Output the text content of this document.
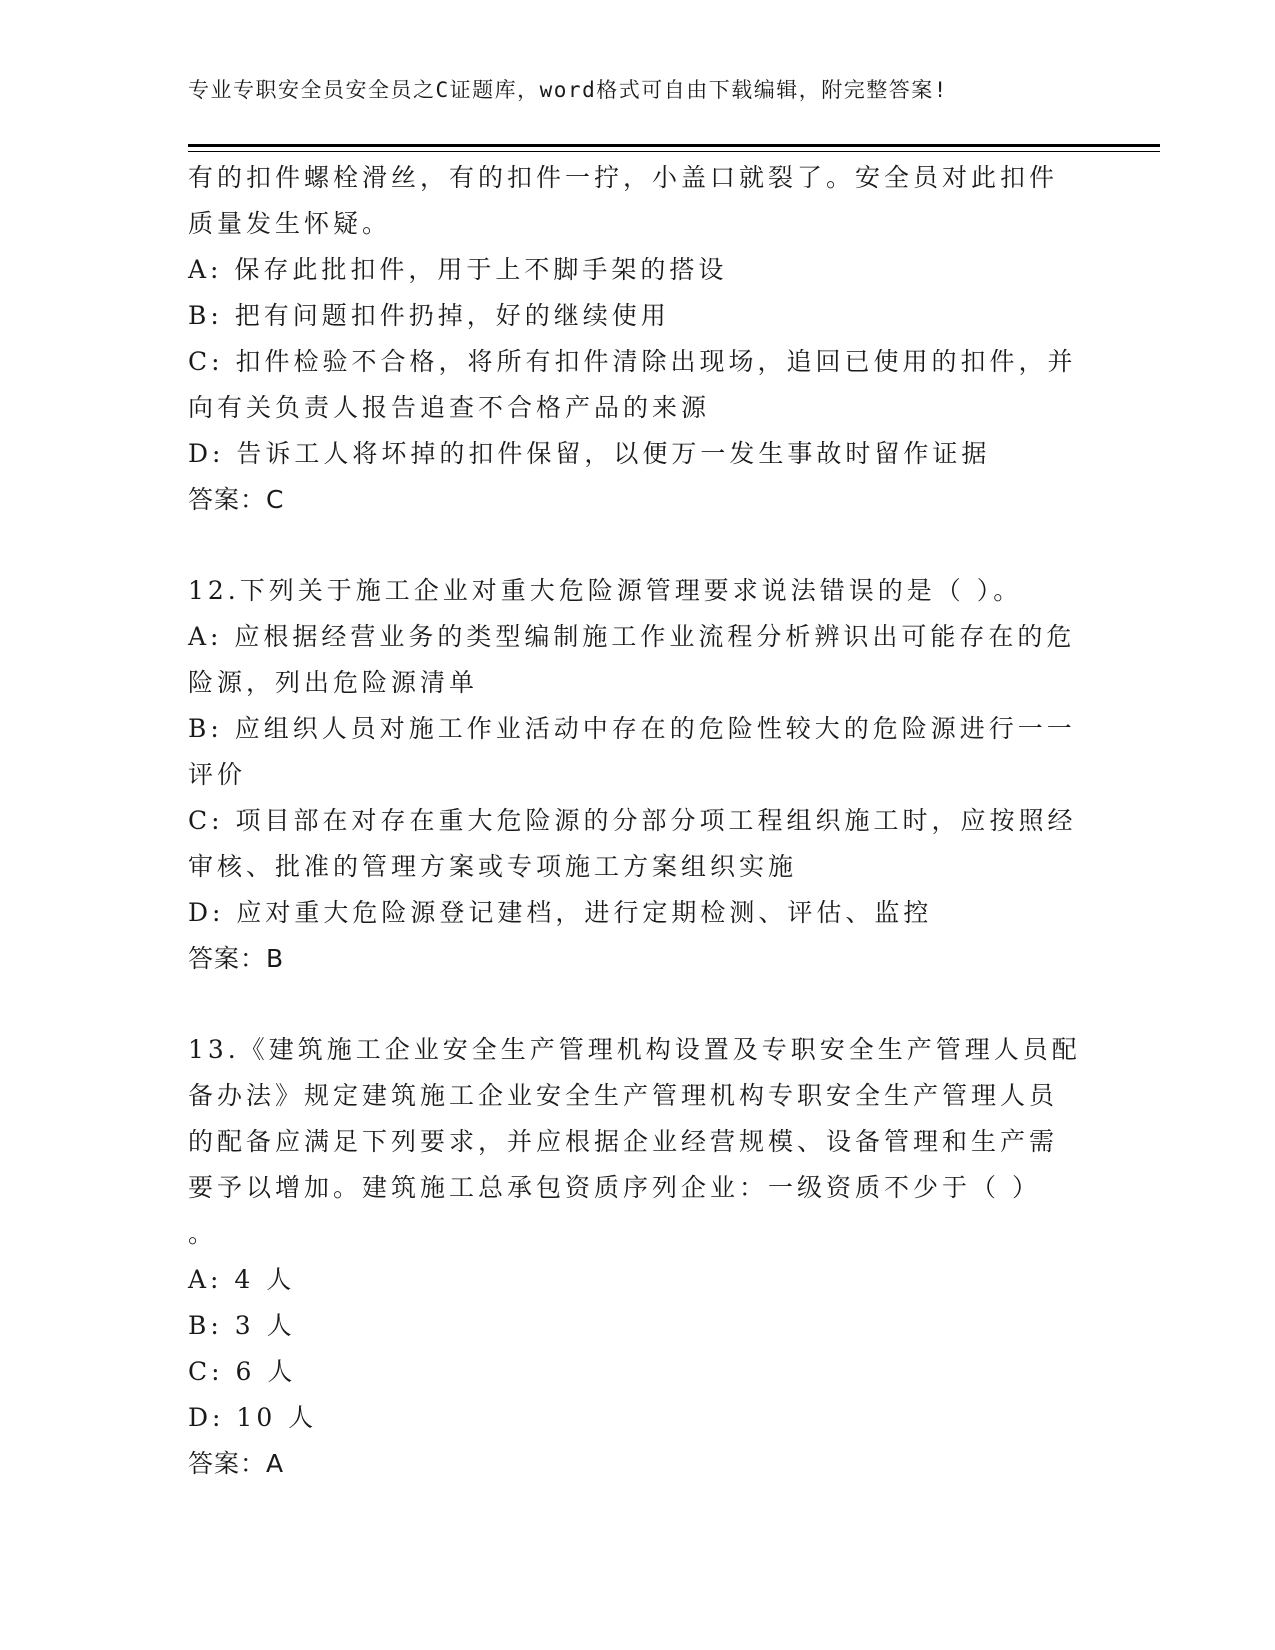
专业专职安全员安全员之C证题库，word格式可自由下载编辑，附完整答案!
有的扣件螺栓滑丝，有的扣件一拧，小盖口就裂了。安全员对此扣件
质量发生怀疑。
A: 保存此批扣件，用于上不脚手架的搭设
B: 把有问题扣件扔掉，好的继续使用
C: 扣件检验不合格，将所有扣件清除出现场，追回已使用的扣件，并
向有关负责人报告追查不合格产品的来源
D: 告诉工人将坏掉的扣件保留，以便万一发生事故时留作证据
答案：C
12.下列关于施工企业对重大危险源管理要求说法错误的是（ ）。
A: 应根据经营业务的类型编制施工作业流程分析辨识出可能存在的危
险源，列出危险源清单
B: 应组织人员对施工作业活动中存在的危险性较大的危险源进行一一
评价
C: 项目部在对存在重大危险源的分部分项工程组织施工时，应按照经
审核、批准的管理方案或专项施工方案组织实施
D: 应对重大危险源登记建档，进行定期检测、评估、监控
答案：B
13.《建筑施工企业安全生产管理机构设置及专职安全生产管理人员配
备办法》规定建筑施工企业安全生产管理机构专职安全生产管理人员
的配备应满足下列要求，并应根据企业经营规模、设备管理和生产需
要予以增加。建筑施工总承包资质序列企业：一级资质不少于（ ）
。
A: 4 人
B: 3 人
C: 6 人
D: 10 人
答案：A
